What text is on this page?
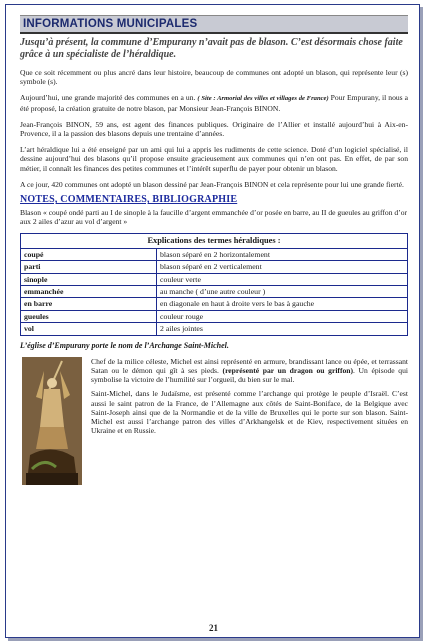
INFORMATIONS MUNICIPALES
Jusqu’à présent, la commune d’Empurany n’avait pas de blason. C’est désormais chose faite grâce à un spécialiste de l’héraldique.

Que ce soit récemment ou plus ancré dans leur histoire, beaucoup de communes ont adopté un blason, qui représente leur (s) symbole (s).

Aujourd’hui, une grande majorité des communes en a un. ( Site : Armorial des villes et villages de France) Pour Empurany, il nous a été proposé, la création gratuite de notre blason, par Monsieur Jean-François BINON.

Jean-François BINON, 59 ans, est agent des finances publiques. Originaire de l’Allier et installé aujourd’hui à Aix-en-Provence, il a la passion des blasons depuis une trentaine d’années.

L’art héraldique lui a été enseigné par un ami qui lui a appris les rudiments de cette science. Doté d’un logiciel spécialisé, il dessine aujourd’hui des blasons qu’il propose ensuite gracieusement aux communes qui n’en ont pas. En effet, de par son métier, il connaît les finances des petites communes et l’intérêt superflu de payer pour obtenir un blason.

A ce jour, 420 communes ont adopté un blason dessiné par Jean-François BINON et cela représente pour lui une grande fierté.

NOTES, COMMENTAIRES, BIBLIOGRAPHIE

Blason « coupé ondé parti au I de sinople à la faucille d’argent emmanchée d’or posée en barre, au II de gueules au griffon d’or aux 2 ailes d’azur au vol d’argent »

Explications des termes héraldiques :	
coupé	blason séparé en 2 horizontalement
parti	blason séparé en 2 verticalement
sinople	couleur verte
emmanchée	au manche ( d’une autre couleur )
en barre	en diagonale en haut à droite vers le bas à gauche
gueules	couleur rouge
vol	2 ailes jointes
L’église d’Empurany porte le nom de l’Archange Saint-Michel.

Chef de la milice céleste, Michel est ainsi représenté en armure, brandissant lance ou épée, et terrassant Satan ou le démon qui gît à ses pieds. (représenté par un dragon ou griffon). Un épisode qui symbolise la victoire de l’humilité sur l’orgueil, du bien sur le mal.

Saint-Michel, dans le Judaïsme, est présenté comme l’archange qui protège le peuple d’Israël. C’est aussi le saint patron de la France, de l’Allemagne aux côtés de Saint-Boniface, de la Belgique avec Saint-Joseph ainsi que de la Normandie et de la ville de Bruxelles qui le porte sur son blason. Saint-Michel est aussi l’archange patron des villes d’Arkhangelsk et de Kiev, respectivement situées en Ukraine et en Russie.

21
